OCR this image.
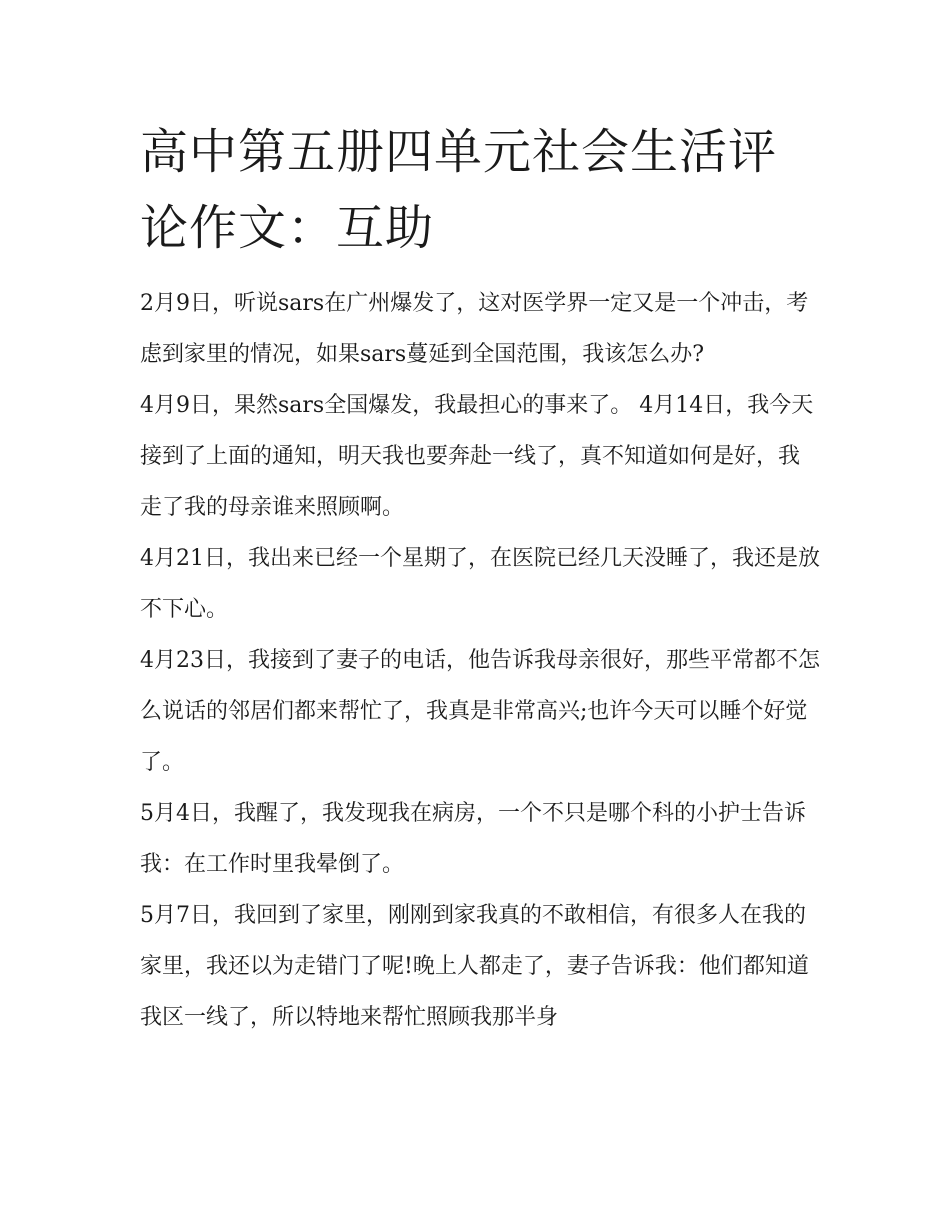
高中第五册四单元社会生活评论作文：互助

2月9日，听说sars在广州爆发了，这对医学界一定又是一个冲击，考虑到家里的情况，如果sars蔓延到全国范围，我该怎么办?

4月9日，果然sars全国爆发，我最担心的事来了。 4月14日，我今天接到了上面的通知，明天我也要奔赴一线了，真不知道如何是好，我走了我的母亲谁来照顾啊。

4月21日，我出来已经一个星期了，在医院已经几天没睡了，我还是放不下心。

4月23日，我接到了妻子的电话，他告诉我母亲很好，那些平常都不怎么说话的邻居们都来帮忙了，我真是非常高兴;也许今天可以睡个好觉了。

5月4日，我醒了，我发现我在病房，一个不只是哪个科的小护士告诉我：在工作时里我晕倒了。

5月7日，我回到了家里，刚刚到家我真的不敢相信，有很多人在我的家里，我还以为走错门了呢!晚上人都走了，妻子告诉我：他们都知道我区一线了，所以特地来帮忙照顾我那半身
